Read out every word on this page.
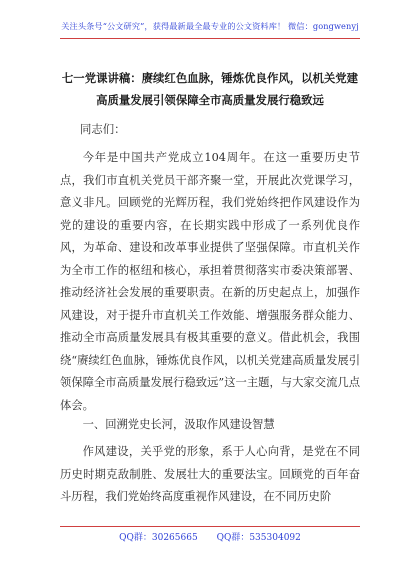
关注头条号“公文研究”，获得最新最全最专业的公文资料库！ 微信：gongwenyj
七一党课讲稿：赓续红色血脉，锤炼优良作风，以机关党建高质量发展引领保障全市高质量发展行稳致远

同志们：

今年是中国共产党成立104周年。在这一重要历史节点，我们市直机关党员干部齐聚一堂，开展此次党课学习，意义非凡。回顾党的光辉历程，我们党始终把作风建设作为党的建设的重要内容，在长期实践中形成了一系列优良作风，为革命、建设和改革事业提供了坚强保障。市直机关作为全市工作的枢纽和核心，承担着贯彻落实市委决策部署、推动经济社会发展的重要职责。在新的历史起点上，加强作风建设，对于提升市直机关工作效能、增强服务群众能力、推动全市高质量发展具有极其重要的意义。借此机会，我围绕“赓续红色血脉，锤炼优良作风，以机关党建高质量发展引领保障全市高质量发展行稳致远”这一主题，与大家交流几点体会。

一、回溯党史长河，汲取作风建设智慧

作风建设，关乎党的形象，系于人心向背，是党在不同历史时期克敌制胜、发展壮大的重要法宝。回顾党的百年奋斗历程，我们党始终高度重视作风建设，在不同历史阶

QQ群：30265665 QQ群：535304092
